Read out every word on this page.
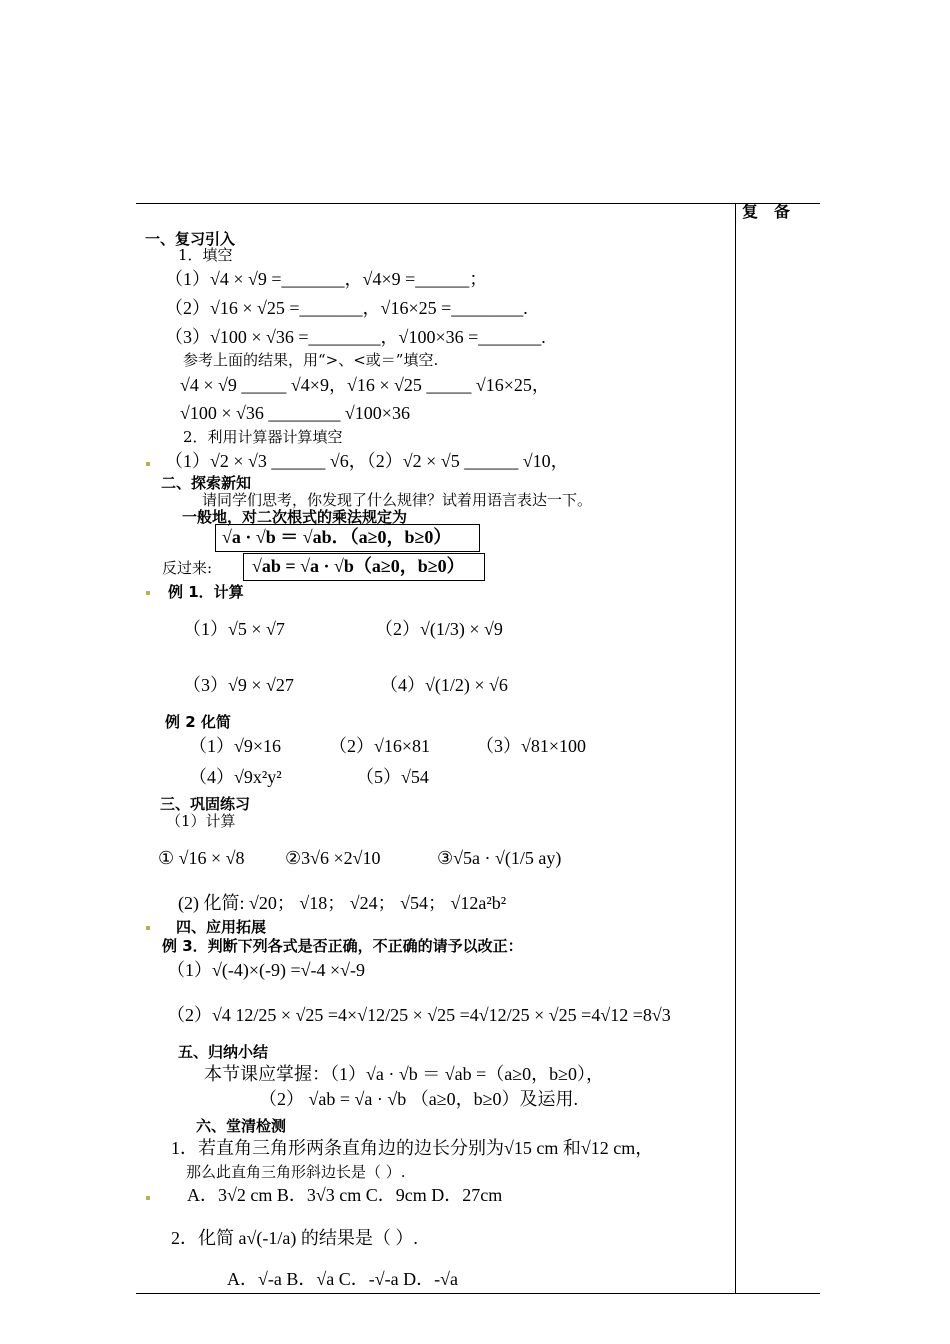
复　备
一、复习引入
1．填空
（1）√4 × √9 =_______，√4×9 =______；
（2）√16 × √25 =_______，√16×25 =________.
（3）√100 × √36 =________，√100×36 =_______.
参考上面的结果，用“>、<或＝”填空.
√4 × √9 _____ √4×9，√16 × √25 _____ √16×25，
√100 × √36 ________ √100×36
2．利用计算器计算填空
（1）√2 × √3 ______ √6，（2）√2 × √5 ______ √10，
二、探索新知
请同学们思考，你发现了什么规律？试着用语言表达一下。
一般地，对二次根式的乘法规定为
√a · √b ＝ √ab．（a≥0，b≥0）
反过来: √ab = √a · √b（a≥0，b≥0）
例 1．计算
（1）√5 × √7	（2）√(1/3) × √9
（3）√9 × √27	（4）√(1/2) × √6
例 2 化简
（1）√9×16	（2）√16×81	（3）√81×100
（4）√9x²y²	（5）√54
三、巩固练习
（1）计算
① √16 × √8 ②3√6 ×2√10	③√5a · √(1/5 ay)
(2) 化简: √20； √18； √24； √54； √12a²b²
四、应用拓展
例 3．判断下列各式是否正确，不正确的请予以改正：
（1）√(-4)×(-9) =√-4 ×√-9
（2）√4 12/25 × √25 =4×√12/25 × √25 =4√12/25 × √25 =4√12 =8√3
五、归纳小结
本节课应掌握：（1）√a · √b ＝ √ab =（a≥0，b≥0），
（2） √ab = √a · √b （a≥0，b≥0）及运用.
六、堂清检测
1．若直角三角形两条直角边的边长分别为√15 cm 和√12 cm，
那么此直角三角形斜边长是（ ）.
A．3√2 cm B．3√3 cm C．9cm D．27cm
2．化简 a√(-1/a) 的结果是（ ）.
A．√-a B．√a C．-√-a D．-√a
